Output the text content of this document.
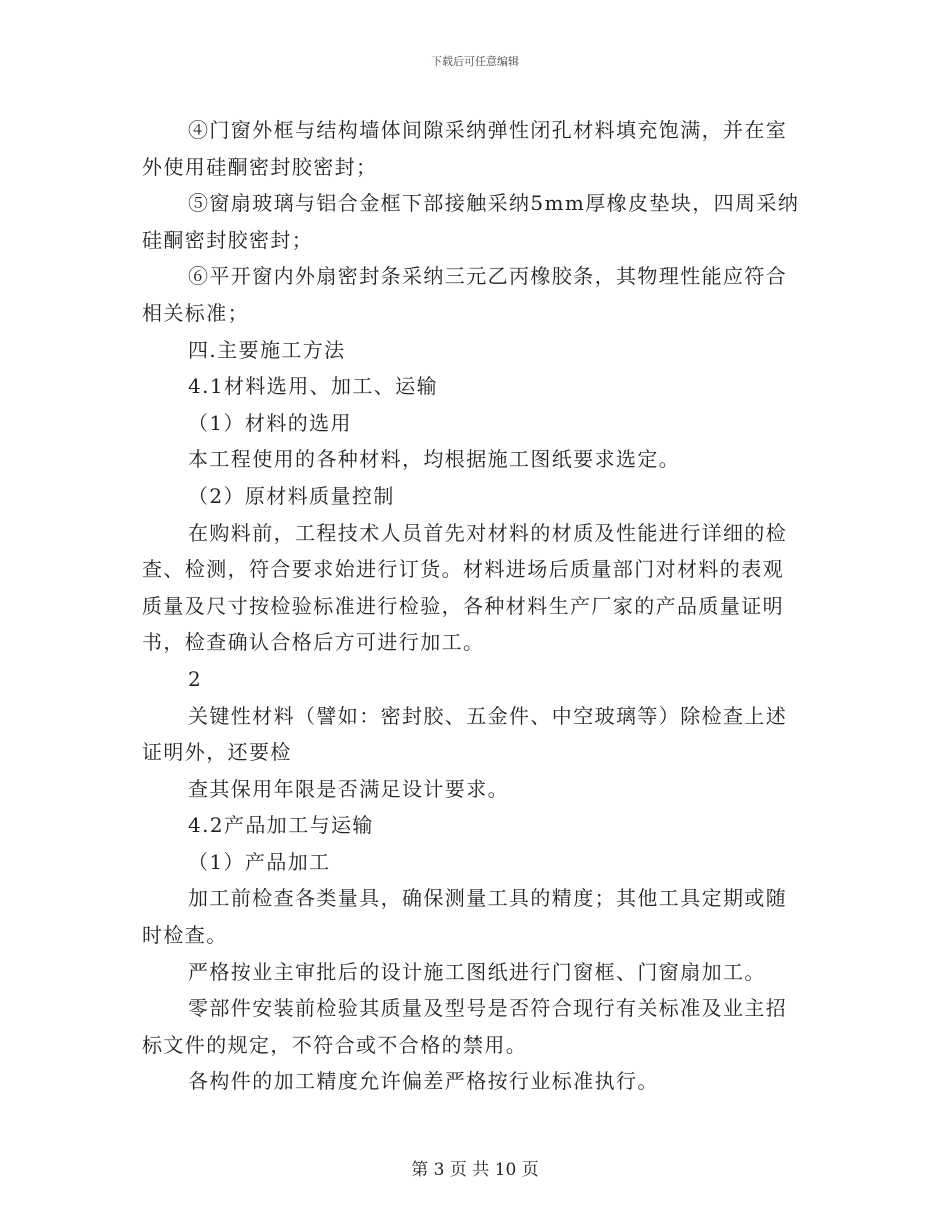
下载后可任意编辑
④门窗外框与结构墙体间隙采纳弹性闭孔材料填充饱满，并在室
外使用硅酮密封胶密封；
⑤窗扇玻璃与铝合金框下部接触采纳5mm厚橡皮垫块，四周采纳
硅酮密封胶密封；
⑥平开窗内外扇密封条采纳三元乙丙橡胶条，其物理性能应符合
相关标准；
四.主要施工方法
4.1材料选用、加工、运输
（1）材料的选用
本工程使用的各种材料，均根据施工图纸要求选定。
（2）原材料质量控制
在购料前，工程技术人员首先对材料的材质及性能进行详细的检
查、检测，符合要求始进行订货。材料进场后质量部门对材料的表观
质量及尺寸按检验标准进行检验，各种材料生产厂家的产品质量证明
书，检查确认合格后方可进行加工。
2
关键性材料（譬如：密封胶、五金件、中空玻璃等）除检查上述
证明外，还要检
查其保用年限是否满足设计要求。
4.2产品加工与运输
（1）产品加工
加工前检查各类量具，确保测量工具的精度；其他工具定期或随
时检查。
严格按业主审批后的设计施工图纸进行门窗框、门窗扇加工。
零部件安装前检验其质量及型号是否符合现行有关标准及业主招
标文件的规定，不符合或不合格的禁用。
各构件的加工精度允许偏差严格按行业标准执行。
第 3 页 共 10 页
